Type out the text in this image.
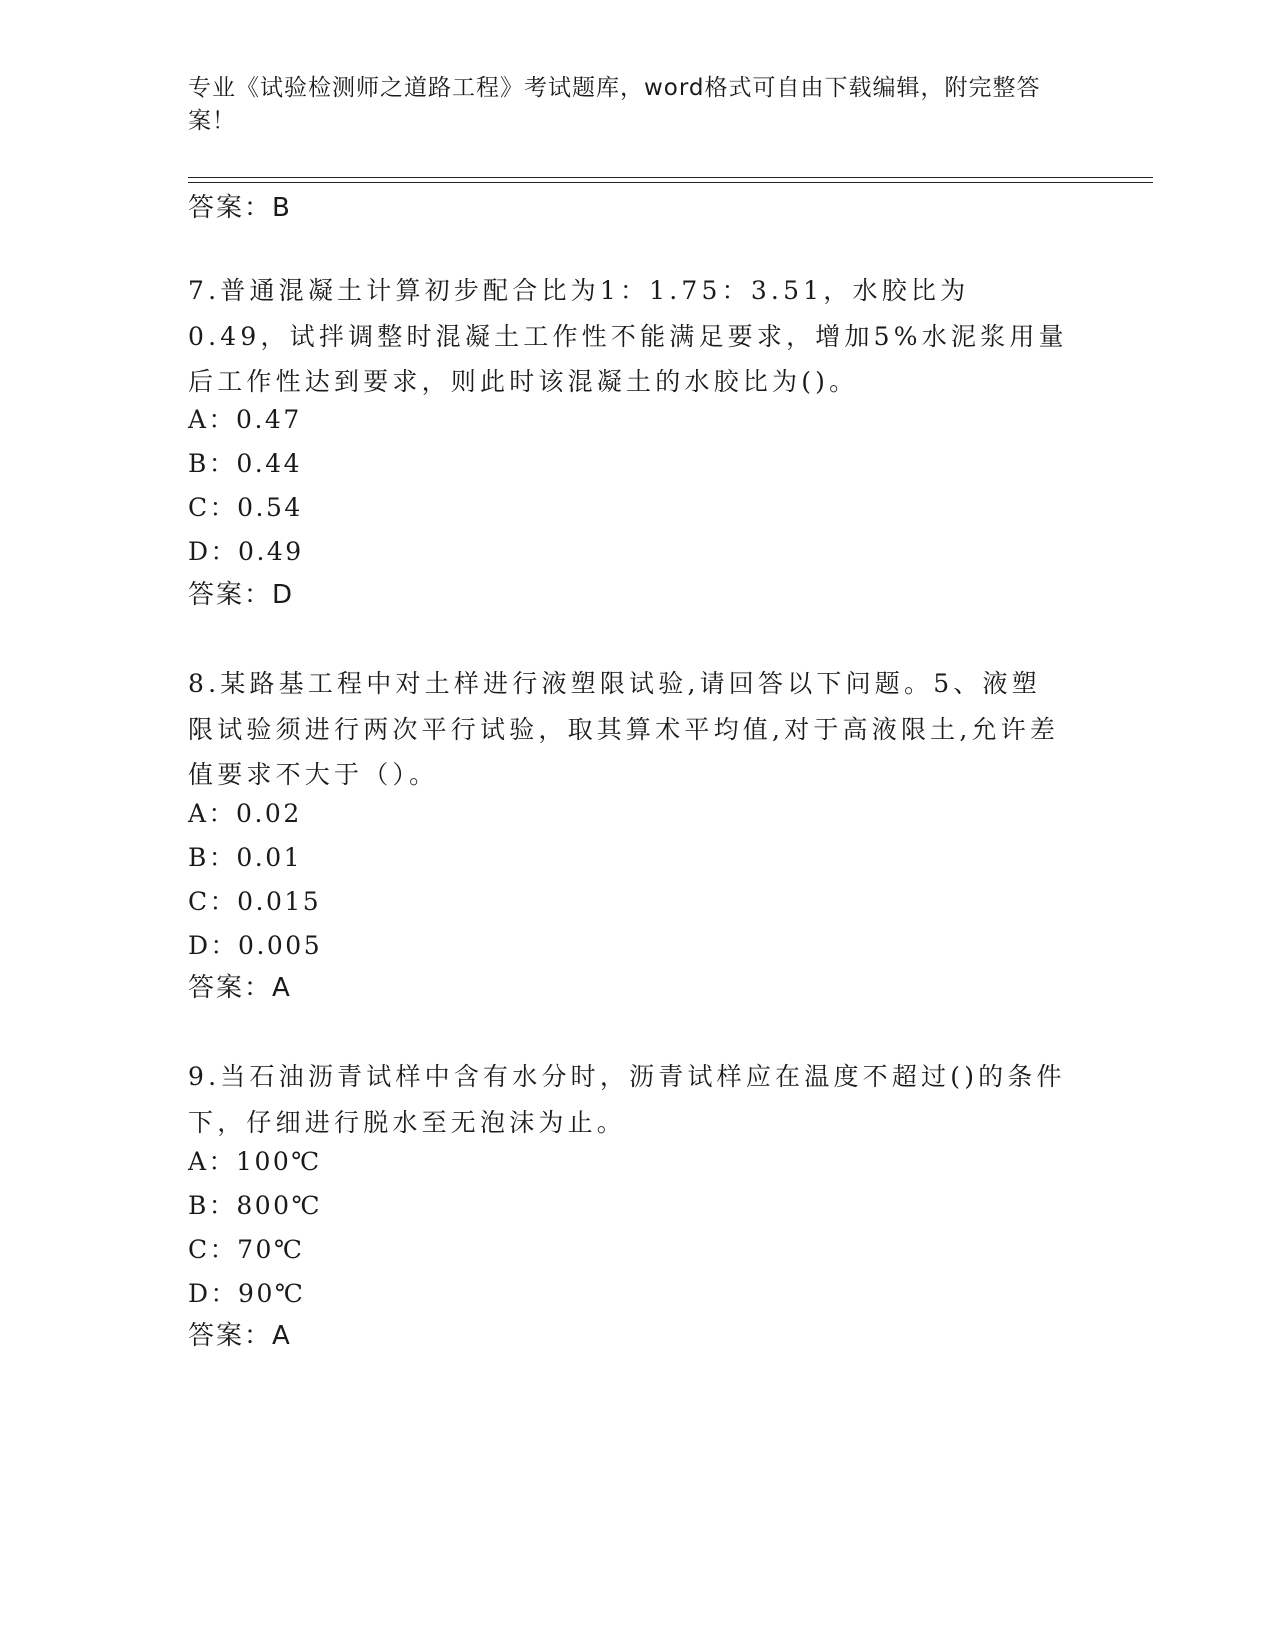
专业《试验检测师之道路工程》考试题库，word格式可自由下载编辑，附完整答案！
答案：B
7.普通混凝土计算初步配合比为1：1.75：3.51，水胶比为0.49，试拌调整时混凝土工作性不能满足要求，增加5%水泥浆用量后工作性达到要求，则此时该混凝土的水胶比为()。
A：0.47
B：0.44
C：0.54
D：0.49
答案：D
8.某路基工程中对土样进行液塑限试验,请回答以下问题。5、液塑限试验须进行两次平行试验，取其算术平均值,对于高液限土,允许差值要求不大于（）。
A：0.02
B：0.01
C：0.015
D：0.005
答案：A
9.当石油沥青试样中含有水分时，沥青试样应在温度不超过()的条件下，仔细进行脱水至无泡沫为止。
A：100℃
B：800℃
C：70℃
D：90℃
答案：A
